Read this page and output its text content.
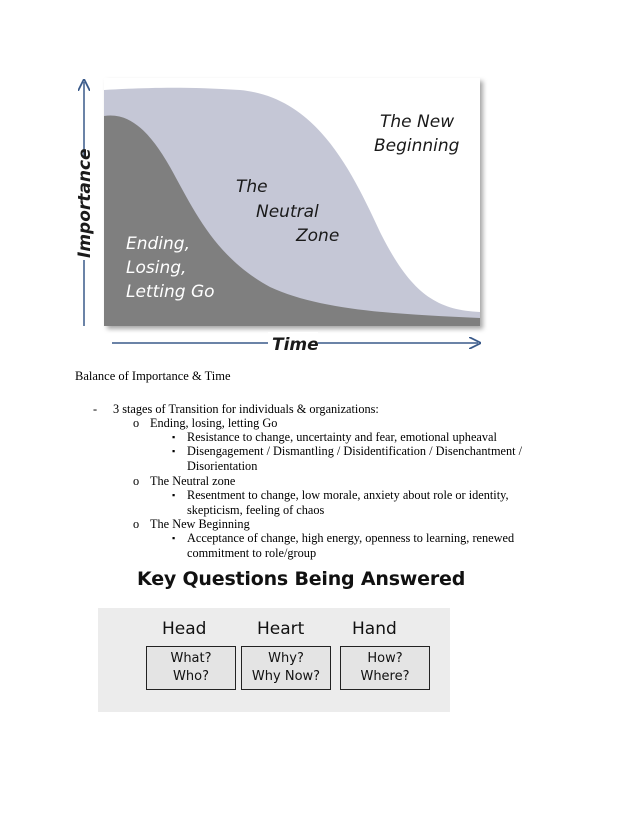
Ending,
Losing,
Letting Go
The
Neutral
Zone
The New
Beginning
Importance
Time
Balance of Importance & Time
- 3 stages of Transition for individuals & organizations:
o Ending, losing, letting Go
▪ Resistance to change, uncertainty and fear, emotional upheaval
▪ Disengagement / Dismantling / Disidentification / Disenchantment / Disorientation
o The Neutral zone
▪ Resentment to change, low morale, anxiety about role or identity, skepticism, feeling of chaos
o The New Beginning
▪ Acceptance of change, high energy, openness to learning, renewed commitment to role/group
Key Questions Being Answered
Head	Heart	Hand
What?
Who?
Why?
Why Now?
How?
Where?
